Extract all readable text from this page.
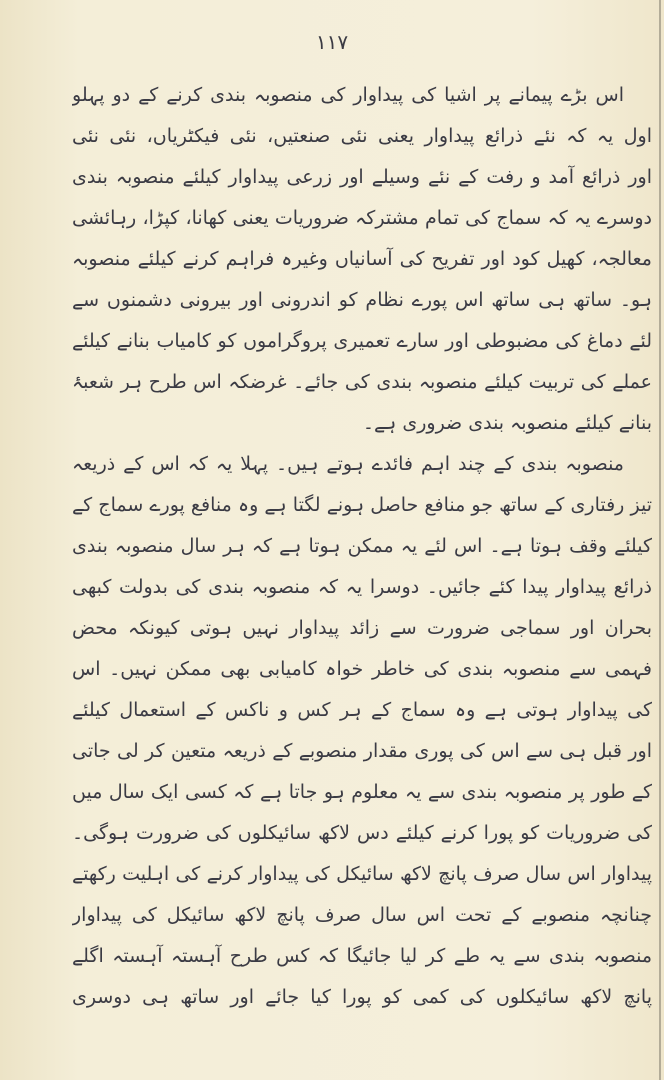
۱۱۷
اس بڑے پیمانے پر اشیا کی پیداوار کی منصوبہ بندی کرنے کے دو پہلو
اول یہ کہ نئے ذرائع پیداوار یعنی نئی صنعتیں، نئی فیکٹریاں، نئی نئی
اور ذرائع آمد و رفت کے نئے وسیلے اور زرعی پیداوار کیلئے منصوبہ بندی
دوسرے یہ کہ سماج کی تمام مشترکہ ضروریات یعنی کھانا، کپڑا، رہائشی
معالجہ، کھیل کود اور تفریح کی آسانیاں وغیرہ فراہم کرنے کیلئے منصوبہ
ہو۔ ساتھ ہی ساتھ اس پورے نظام کو اندرونی اور بیرونی دشمنوں سے
لئے دماغ کی مضبوطی اور سارے تعمیری پروگراموں کو کامیاب بنانے کیلئے
عملے کی تربیت کیلئے منصوبہ بندی کی جائے۔ غرضکہ اس طرح ہر شعبۂ
بنانے کیلئے منصوبہ بندی ضروری ہے۔
منصوبہ بندی کے چند اہم فائدے ہوتے ہیں۔ پہلا یہ کہ اس کے ذریعہ
تیز رفتاری کے ساتھ جو منافع حاصل ہونے لگتا ہے وہ منافع پورے سماج کے
کیلئے وقف ہوتا ہے۔ اس لئے یہ ممکن ہوتا ہے کہ ہر سال منصوبہ بندی
ذرائع پیداوار پیدا کئے جائیں۔ دوسرا یہ کہ منصوبہ بندی کی بدولت کبھی
بحران اور سماجی ضرورت سے زائد پیداوار نہیں ہوتی کیونکہ محض
فہمی سے منصوبہ بندی کی خاطر خواہ کامیابی بھی ممکن نہیں۔ اس
کی پیداوار ہوتی ہے وہ سماج کے ہر کس و ناکس کے استعمال کیلئے
اور قبل ہی سے اس کی پوری مقدار منصوبے کے ذریعہ متعین کر لی جاتی
کے طور پر منصوبہ بندی سے یہ معلوم ہو جاتا ہے کہ کسی ایک سال میں
کی ضروریات کو پورا کرنے کیلئے دس لاکھ سائیکلوں کی ضرورت ہوگی۔
پیداوار اس سال صرف پانچ لاکھ سائیکل کی پیداوار کرنے کی اہلیت رکھتے
چنانچہ منصوبے کے تحت اس سال صرف پانچ لاکھ سائیکل کی پیداوار
منصوبہ بندی سے یہ طے کر لیا جائیگا کہ کس طرح آہستہ آہستہ اگلے
پانچ لاکھ سائیکلوں کی کمی کو پورا کیا جائے اور ساتھ ہی دوسری
